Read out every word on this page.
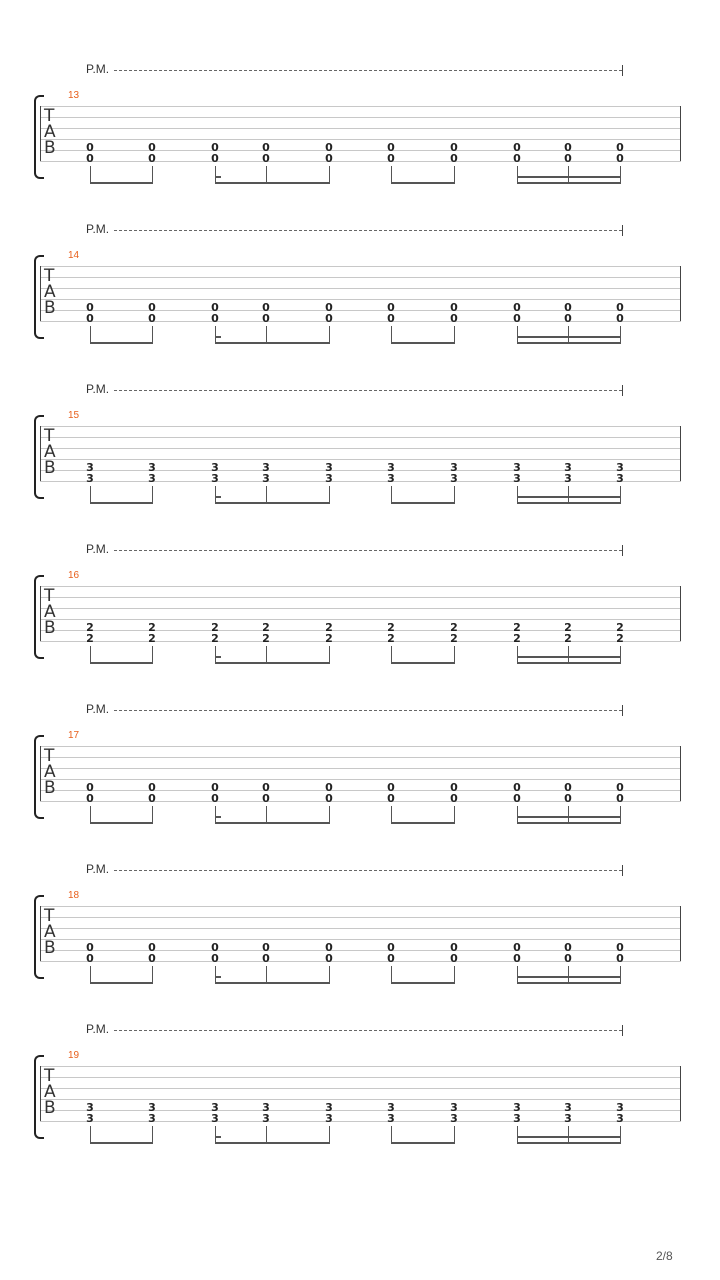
P.M.
13
T
A
B	0
0
0
0
0
0
0
0
0
0
0
0
0
0
0
0
0
0
0
0
P.M.
14
T
A
B	0
0
0
0
0
0
0
0
0
0
0
0
0
0
0
0
0
0
0
0
P.M.
15
T
A
B	3
3
3
3
3
3
3
3
3
3
3
3
3
3
3
3
3
3
3
3
P.M.
16
T
A
B	2
2
2
2
2
2
2
2
2
2
2
2
2
2
2
2
2
2
2
2
P.M.
17
T
A
B	0
0
0
0
0
0
0
0
0
0
0
0
0
0
0
0
0
0
0
0
P.M.
18
T
A
B	0
0
0
0
0
0
0
0
0
0
0
0
0
0
0
0
0
0
0
0
P.M.
19
T
A
B	3
3
3
3
3
3
3
3
3
3
3
3
3
3
3
3
3
3
3
3
2/8
